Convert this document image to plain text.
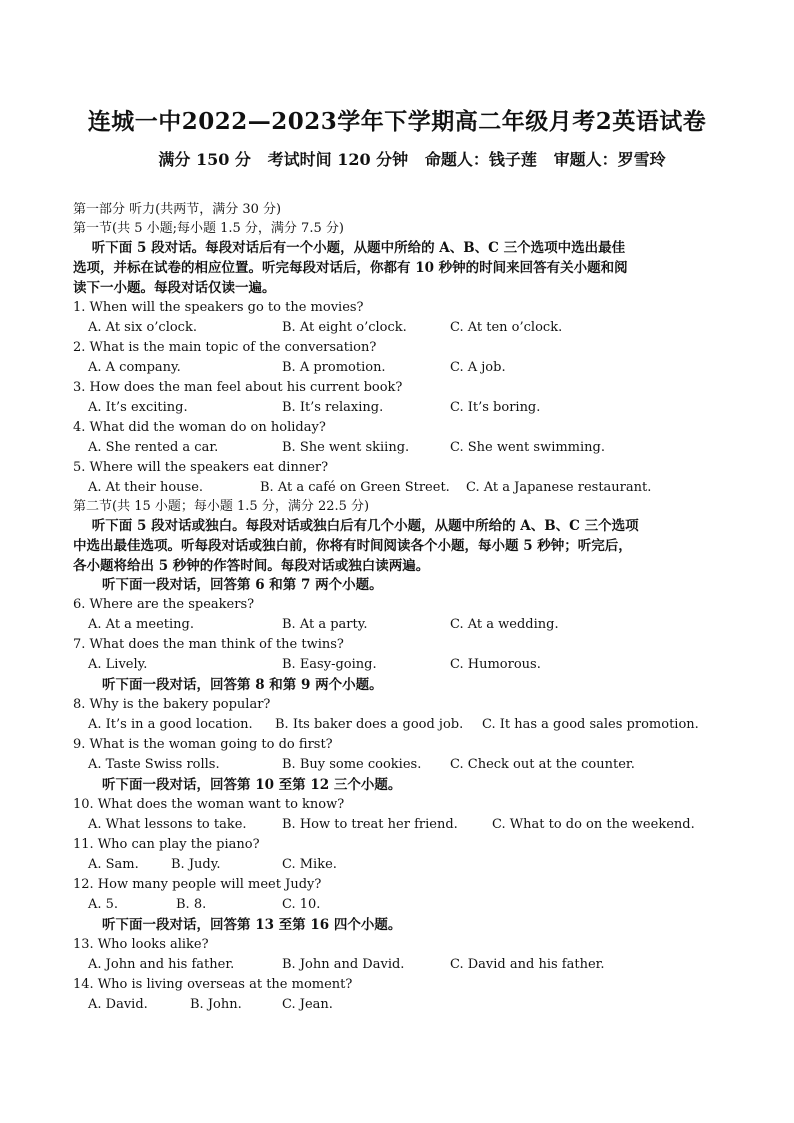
连城一中2022—2023学年下学期高二年级月考2英语试卷
满分 150 分   考试时间 120 分钟   命题人：钱子莲   审题人：罗雪玲
第一部分 听力(共两节，满分 30 分)
第一节(共 5 小题;每小题 1.5 分，满分 7.5 分)
听下面 5 段对话。每段对话后有一个小题，从题中所给的 A、B、C 三个选项中选出最佳
选项，并标在试卷的相应位置。听完每段对话后，你都有 10 秒钟的时间来回答有关小题和阅
读下一小题。每段对话仅读一遍。
1. When will the speakers go to the movies?
A. At six o’clock.	B. At eight o’clock.	C. At ten o’clock.
2. What is the main topic of the conversation?
A. A company.	B. A promotion.	C. A job.
3. How does the man feel about his current book?
A. It’s exciting.	B. It’s relaxing.	C. It’s boring.
4. What did the woman do on holiday?
A. She rented a car.	B. She went skiing.	C. She went swimming.
5. Where will the speakers eat dinner?
A. At their house.	B. At a café on Green Street. C. At a Japanese restaurant.
第二节(共 15 小题；每小题 1.5 分，满分 22.5 分)
听下面 5 段对话或独白。每段对话或独白后有几个小题，从题中所给的 A、B、C 三个选项
中选出最佳选项。听每段对话或独白前，你将有时间阅读各个小题，每小题 5 秒钟；听完后，
各小题将给出 5 秒钟的作答时间。每段对话或独白读两遍。
听下面一段对话，回答第 6 和第 7 两个小题。
6. Where are the speakers?
A. At a meeting.	B. At a party.	C. At a wedding.
7. What does the man think of the twins?
A. Lively.	B. Easy-going.	C. Humorous.
听下面一段对话，回答第 8 和第 9 两个小题。
8. Why is the bakery popular?
A. It’s in a good location. B. Its baker does a good job. C. It has a good sales promotion.
9. What is the woman going to do first?
A. Taste Swiss rolls.	B. Buy some cookies. C. Check out at the counter.
听下面一段对话，回答第 10 至第 12 三个小题。
10. What does the woman want to know?
A. What lessons to take.	B. How to treat her friend.	C. What to do on the weekend.
11. Who can play the piano?
A. Sam. B. Judy.	C. Mike.
12. How many people will meet Judy?
A. 5.	B. 8.	C. 10.
听下面一段对话，回答第 13 至第 16 四个小题。
13. Who looks alike?
A. John and his father.	B. John and David.	C. David and his father.
14. Who is living overseas at the moment?
A. David.	B. John.	C. Jean.
